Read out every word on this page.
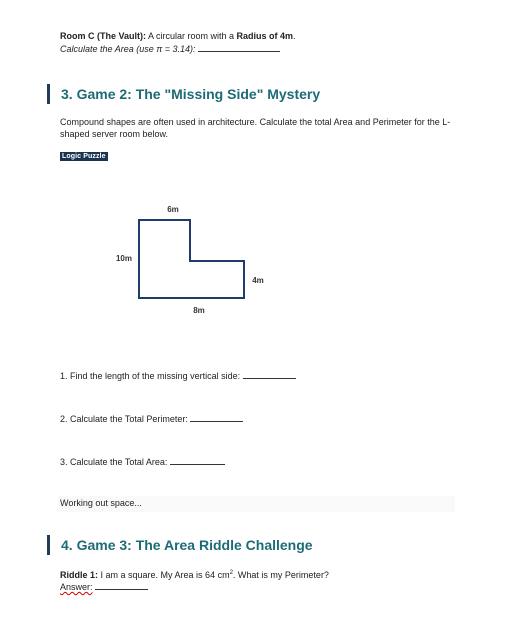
Room C (The Vault): A circular room with a Radius of 4m.
Calculate the Area (use π = 3.14):
3. Game 2: The "Missing Side" Mystery
Compound shapes are often used in architecture. Calculate the total Area and Perimeter for the L-shaped server room below.
Logic Puzzle
6m
10m
4m
8m
1. Find the length of the missing vertical side:
2. Calculate the Total Perimeter:
3. Calculate the Total Area:
Working out space...
4. Game 3: The Area Riddle Challenge
Riddle 1: I am a square. My Area is 64 $cm^2$. What is my Perimeter?
Answer:
